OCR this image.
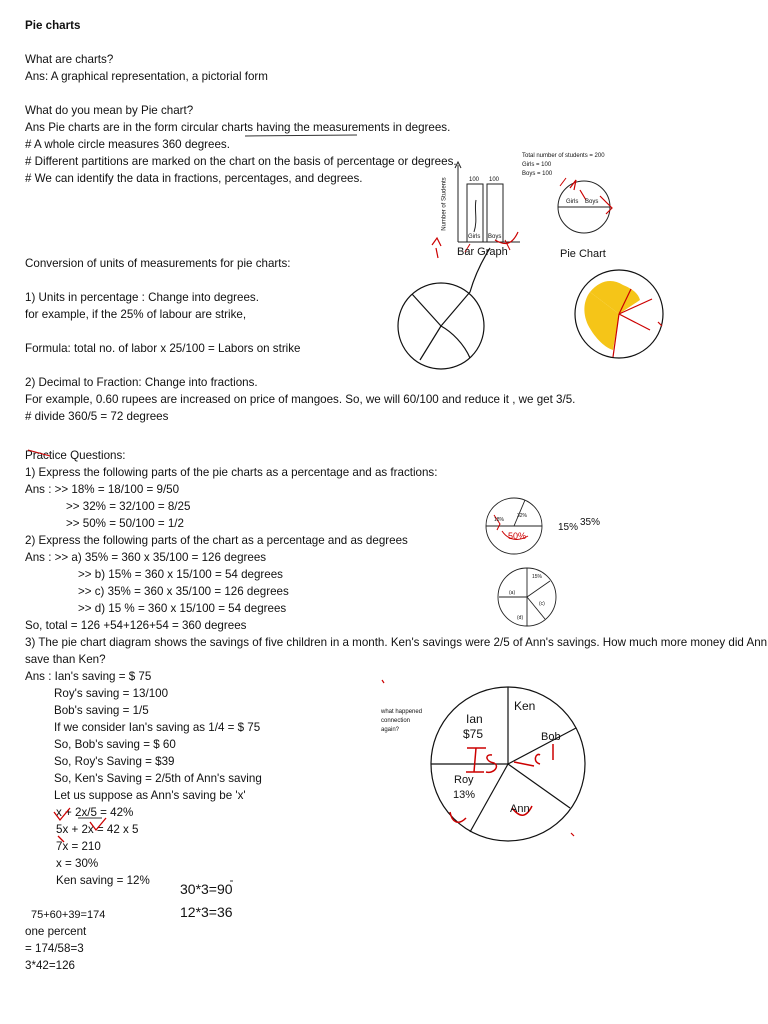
Pie charts
What are charts?
Ans: A graphical representation, a pictorial form
What do you mean by Pie chart?
Ans Pie charts are in the form circular charts having the measurements in degrees.
# A whole circle measures 360 degrees.
# Different partitions are marked on the chart on the basis of percentage or degrees.
# We can identify the data in fractions, percentages, and degrees.
Conversion of units of measurements for pie charts:
1) Units in percentage : Change into degrees.
for example, if the 25% of labour are strike,
Formula: total no. of labor x 25/100 = Labors on strike
2) Decimal to Fraction: Change into fractions.
For example, 0.60 rupees are increased on price of mangoes. So, we will 60/100 and reduce it , we get 3/5.
# divide 360/5 = 72 degrees
Practice Questions:
1) Express the following parts of the pie charts as a percentage and as fractions:
Ans : >> 18% = 18/100 = 9/50
>> 32% = 32/100 = 8/25
>> 50% = 50/100 = 1/2
2) Express the following parts of the chart as a percentage and as degrees
Ans : >> a) 35% = 360 x 35/100 = 126 degrees
>> b) 15% = 360 x 15/100 = 54 degrees
>> c) 35% = 360 x 35/100 = 126 degrees
>> d) 15 % = 360 x 15/100 = 54 degrees
So, total = 126 +54+126+54 = 360 degrees
3) The pie chart diagram shows the savings of five children in a month. Ken's savings were 2/5 of Ann's savings. How much more money did Ann
save than Ken?
Ans : Ian's saving = $ 75
Roy's saving = 13/100
Bob's saving = 1/5
If we consider Ian's saving as 1/4 = $ 75
So, Bob's saving = $ 60
So, Roy's Saving = $39
So, Ken's Saving = 2/5th of Ann's saving
Let us suppose as Ann's saving be 'x'
x + 2x/5 = 42%
5x + 2x = 42 x 5
7x = 210
x = 30%
Ken saving = 12%
30*3=90
12*3=36
75+60+39=174
one percent
= 174/58=3
3*42=126
Total number of students = 200
Girls = 100
Boys = 100
Number of Students	100 100
Girls Boys
Bar Graph	Pie Chart
Girls Boys
18%
32%
50%
15% 35%
(a)
15%
(c)
(d)
Ken
Ian
$75	Bob
Roy
13%
Ann
what happened
connection
again?
